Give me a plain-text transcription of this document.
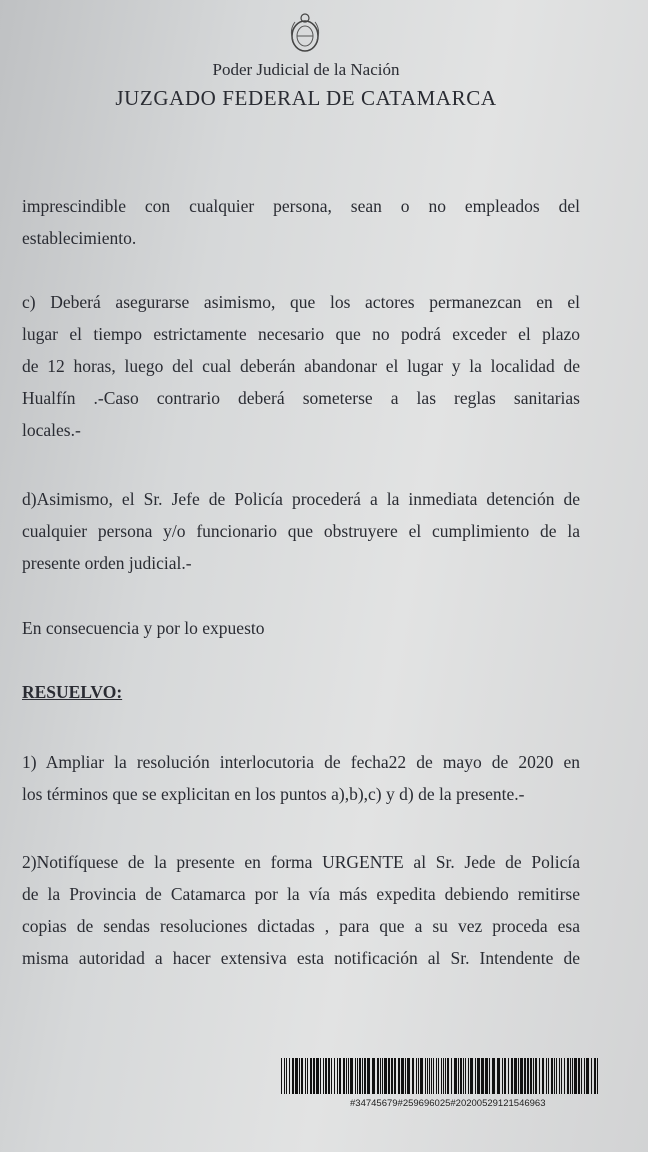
Poder Judicial de la Nación
JUZGADO FEDERAL DE CATAMARCA
imprescindible con cualquier persona, sean o no empleados del
establecimiento.
c) Deberá asegurarse asimismo, que los actores permanezcan en el
lugar el tiempo estrictamente necesario que no podrá exceder el plazo
de 12 horas, luego del cual deberán abandonar el lugar y la localidad de
Hualfín .-Caso contrario deberá someterse a las reglas sanitarias
locales.-
d)Asimismo, el Sr. Jefe de Policía procederá a la inmediata detención de
cualquier persona y/o funcionario que obstruyere el cumplimiento de la
presente orden judicial.-
En consecuencia y por lo expuesto
RESUELVO:
1) Ampliar la resolución interlocutoria de fecha22 de mayo de 2020 en
los términos que se explicitan en los puntos a),b),c) y d) de la presente.-
2)Notifíquese de la presente en forma URGENTE al Sr. Jede de Policía
de la Provincia de Catamarca por la vía más expedita debiendo remitirse
copias de sendas resoluciones dictadas , para que a su vez proceda esa
misma autoridad a hacer extensiva esta notificación al Sr. Intendente de
#34745679#259696025#20200529121546963
